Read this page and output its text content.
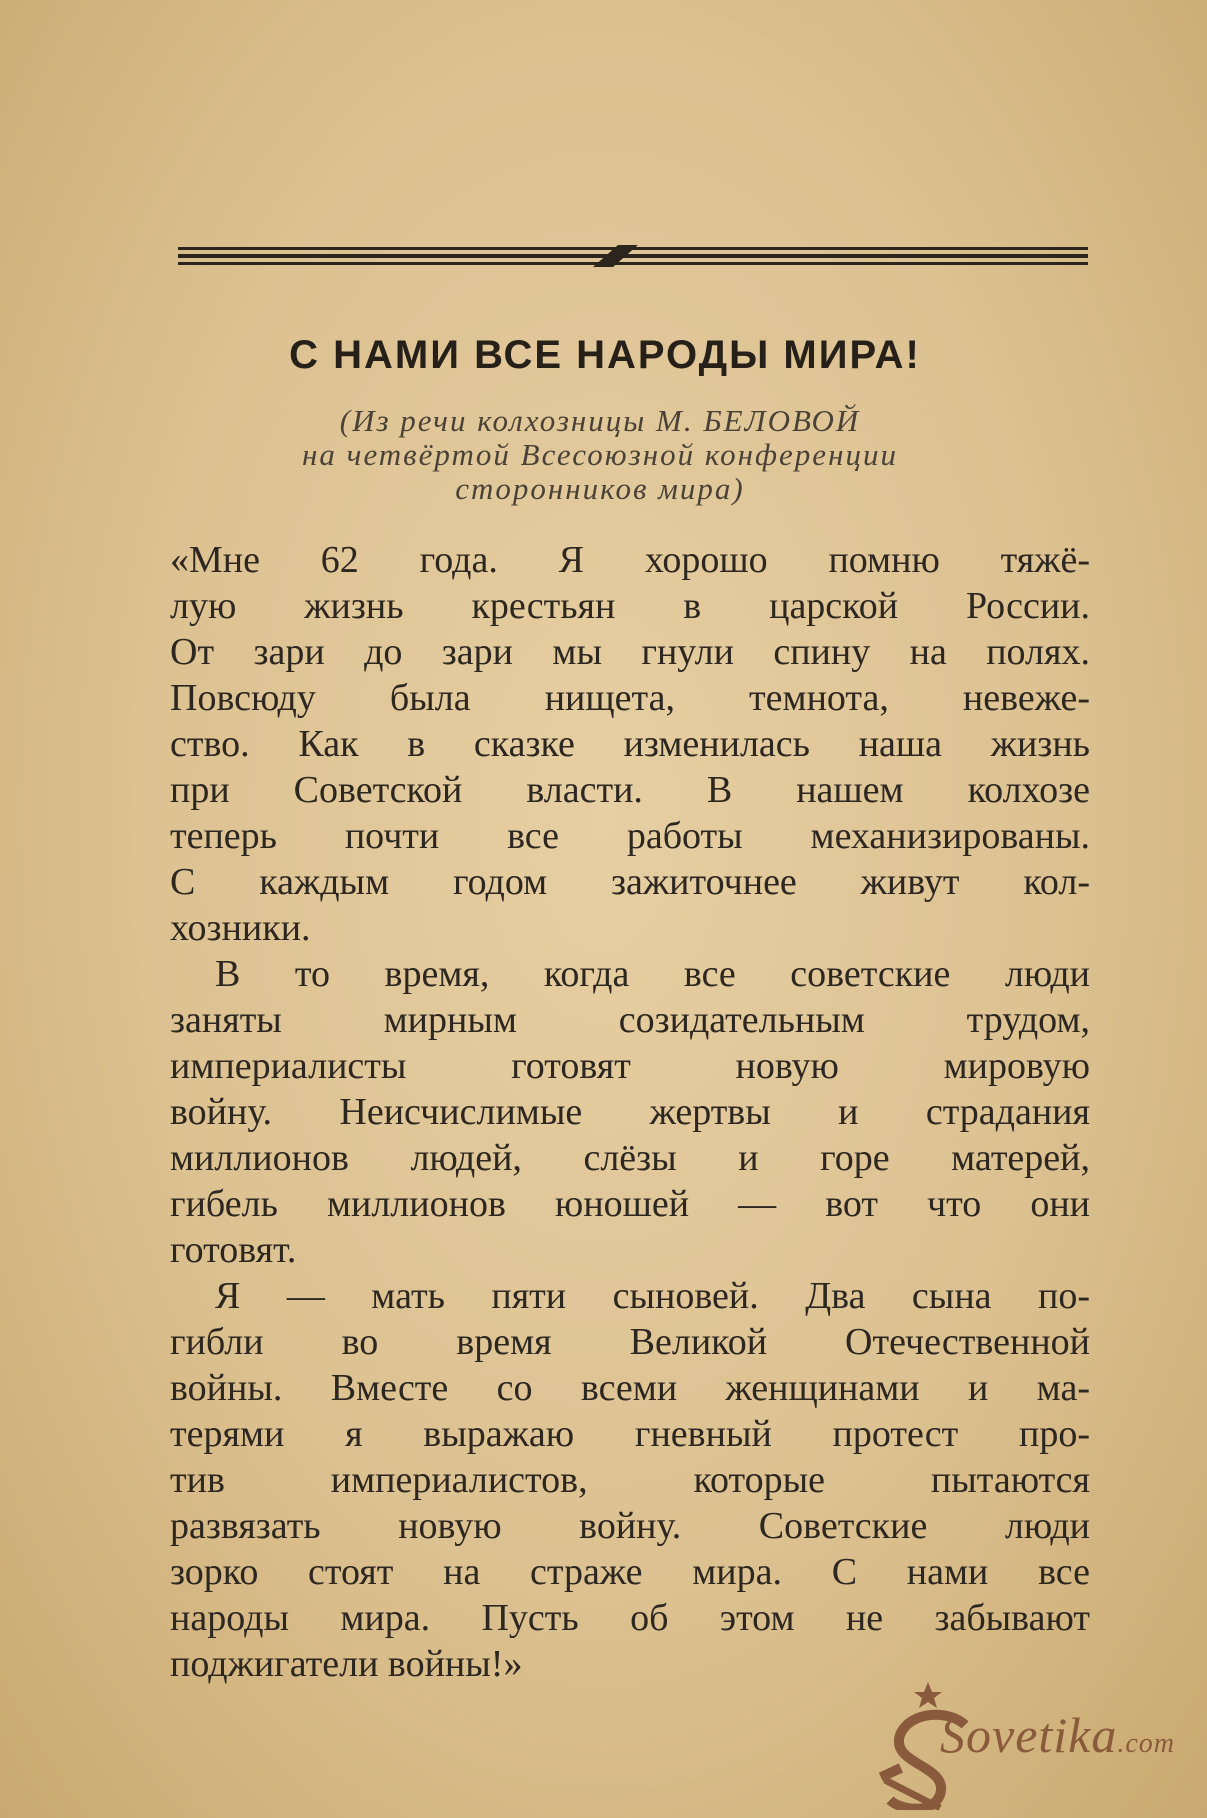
С НАМИ ВСЕ НАРОДЫ МИРА!
(Из речи колхозницы М. БЕЛОВОЙ
на четвёртой Всесоюзной конференции
сторонников мира)
«Мне 62 года. Я хорошо помню тяжё-
лую жизнь крестьян в царской России.
От зари до зари мы гнули спину на полях.
Повсюду была нищета, темнота, невеже-
ство. Как в сказке изменилась наша жизнь
при Советской власти. В нашем колхозе
теперь почти все работы механизированы.
С каждым годом зажиточнее живут кол-
хозники.
В то время, когда все советские люди
заняты мирным созидательным трудом,
империалисты готовят новую мировую
войну. Неисчислимые жертвы и страдания
миллионов людей, слёзы и горе матерей,
гибель миллионов юношей — вот что они
готовят.
Я — мать пяти сыновей. Два сына по-
гибли во время Великой Отечественной
войны. Вместе со всеми женщинами и ма-
терями я выражаю гневный протест про-
тив империалистов, которые пытаются
развязать новую войну. Советские люди
зорко стоят на страже мира. С нами все
народы мира. Пусть об этом не забывают
поджигатели войны!»
Sovetika.com
